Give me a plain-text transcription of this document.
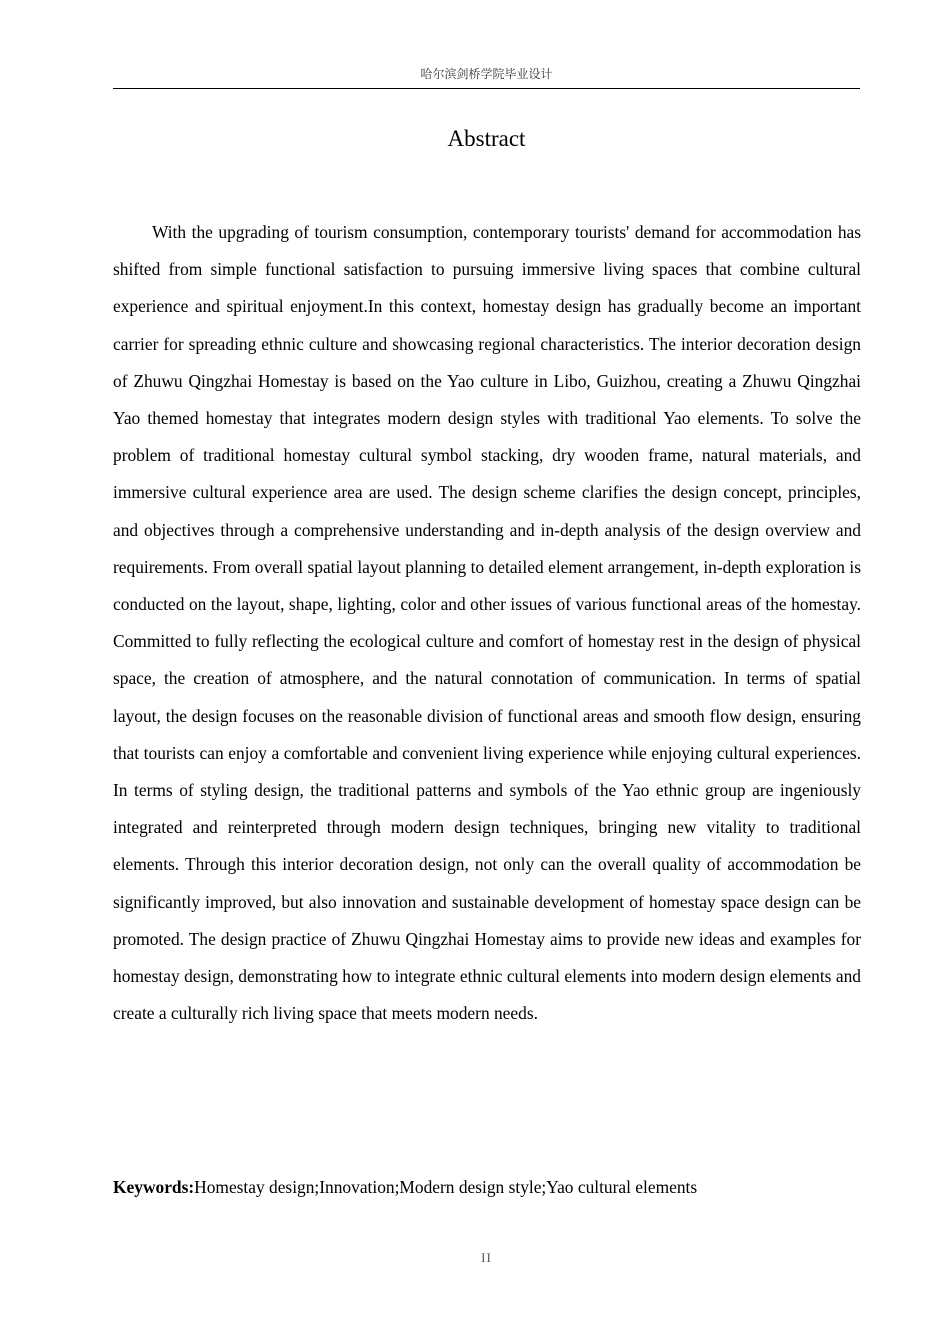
哈尔滨剑桥学院毕业设计
Abstract

With the upgrading of tourism consumption, contemporary tourists' demand for accommodation has shifted from simple functional satisfaction to pursuing immersive living spaces that combine cultural experience and spiritual enjoyment.In this context, homestay design has gradually become an important carrier for spreading ethnic culture and showcasing regional characteristics. The interior decoration design of Zhuwu Qingzhai Homestay is based on the Yao culture in Libo, Guizhou, creating a Zhuwu Qingzhai Yao themed homestay that integrates modern design styles with traditional Yao elements. To solve the problem of traditional homestay cultural symbol stacking, dry wooden frame, natural materials, and immersive cultural experience area are used. The design scheme clarifies the design concept, principles, and objectives through a comprehensive understanding and in-depth analysis of the design overview and requirements. From overall spatial layout planning to detailed element arrangement, in-depth exploration is conducted on the layout, shape, lighting, color and other issues of various functional areas of the homestay. Committed to fully reflecting the ecological culture and comfort of homestay rest in the design of physical space, the creation of atmosphere, and the natural connotation of communication. In terms of spatial layout, the design focuses on the reasonable division of functional areas and smooth flow design, ensuring that tourists can enjoy a comfortable and convenient living experience while enjoying cultural experiences. In terms of styling design, the traditional patterns and symbols of the Yao ethnic group are ingeniously integrated and reinterpreted through modern design techniques, bringing new vitality to traditional elements. Through this interior decoration design, not only can the overall quality of accommodation be significantly improved, but also innovation and sustainable development of homestay space design can be promoted. The design practice of Zhuwu Qingzhai Homestay aims to provide new ideas and examples for homestay design, demonstrating how to integrate ethnic cultural elements into modern design elements and create a culturally rich living space that meets modern needs.

Keywords:Homestay design;Innovation;Modern design style;Yao cultural elements

II
